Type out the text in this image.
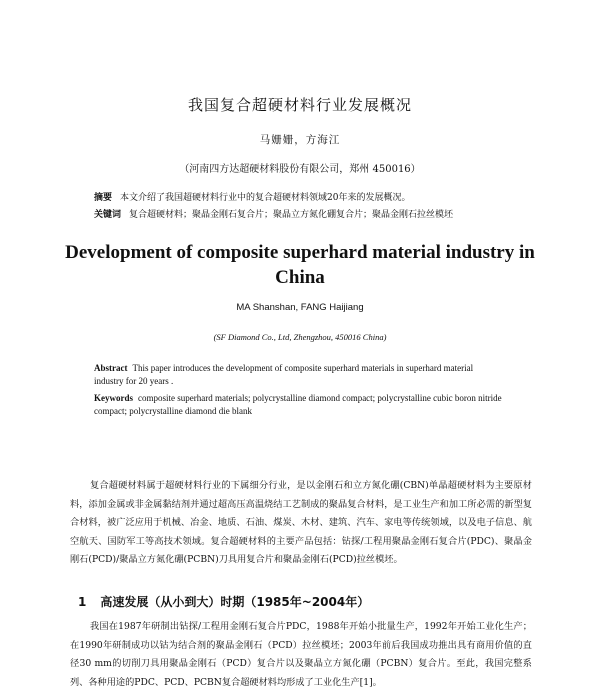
我国复合超硬材料行业发展概况
马姗姗，方海江
（河南四方达超硬材料股份有限公司，郑州 450016）
摘要 本文介绍了我国超硬材料行业中的复合超硬材料领域20年来的发展概况。
关键词 复合超硬材料；聚晶金刚石复合片；聚晶立方氮化硼复合片；聚晶金刚石拉丝模坯
Development of composite superhard material industry in China
MA Shanshan, FANG Haijiang
(SF Diamond Co., Ltd, Zhengzhou, 450016 China)
Abstract This paper introduces the development of composite superhard materials in superhard material industry for 20 years .
Keywords composite superhard materials; polycrystalline diamond compact; polycrystalline cubic boron nitride compact; polycrystalline diamond die blank

复合超硬材料属于超硬材料行业的下属细分行业，是以金刚石和立方氮化硼(CBN)单晶超硬材料为主要原材料，添加金属或非金属黏结剂并通过超高压高温烧结工艺制成的聚晶复合材料，是工业生产和加工所必需的新型复合材料，被广泛应用于机械、冶金、地质、石油、煤炭、木材、建筑、汽车、家电等传统领域，以及电子信息、航空航天、国防军工等高技术领域。复合超硬材料的主要产品包括：钻探/工程用聚晶金刚石复合片(PDC)、聚晶金刚石(PCD)/聚晶立方氮化硼(PCBN)刀具用复合片和聚晶金刚石(PCD)拉丝模坯。

1 高速发展（从小到大）时期（1985年~2004年）

我国在1987年研制出钻探/工程用金刚石复合片PDC，1988年开始小批量生产，1992年开始工业化生产；在1990年研制成功以钴为结合剂的聚晶金刚石（PCD）拉丝模坯；2003年前后我国成功推出具有商用价值的直径30 mm的切削刀具用聚晶金刚石（PCD）复合片以及聚晶立方氮化硼（PCBN）复合片。至此，我国完整系列、各种用途的PDC、PCD、PCBN复合超硬材料均形成了工业化生产[1]。
